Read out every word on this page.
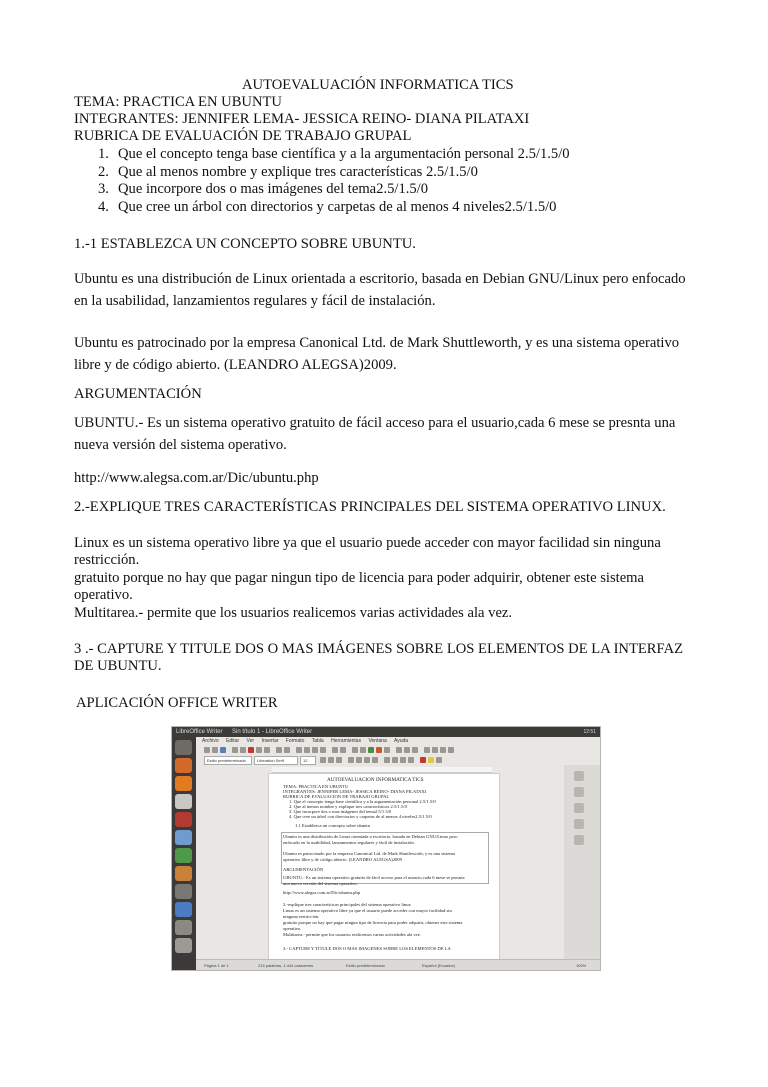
AUTOEVALUACIÓN INFORMATICA TICS
TEMA: PRACTICA EN UBUNTU
INTEGRANTES: JENNIFER LEMA- JESSICA REINO- DIANA PILATAXI
RUBRICA DE EVALUACIÓN DE TRABAJO GRUPAL
1. Que el concepto tenga base científica y a la argumentación personal 2.5/1.5/0
2. Que al menos nombre y explique tres características 2.5/1.5/0
3. Que incorpore dos o mas imágenes del tema2.5/1.5/0
4. Que cree un árbol con directorios y carpetas de al menos 4 niveles2.5/1.5/0
1.-1 ESTABLEZCA UN CONCEPTO SOBRE UBUNTU.
Ubuntu es una distribución de Linux orientada a escritorio, basada en Debian GNU/Linux pero enfocado en la usabilidad, lanzamientos regulares y fácil de instalación.
Ubuntu es patrocinado por la empresa Canonical Ltd. de Mark Shuttleworth, y es una sistema operativo libre y de código abierto. (LEANDRO ALEGSA)2009.
ARGUMENTACIÓN
UBUNTU.- Es un sistema operativo gratuito de fácil acceso para el usuario,cada 6 mese se presnta una nueva versión del sistema operativo.
http://www.alegsa.com.ar/Dic/ubuntu.php
2.-EXPLIQUE TRES CARACTERÍSTICAS PRINCIPALES DEL SISTEMA OPERATIVO LINUX.
Linux es un sistema operativo libre ya que el usuario puede acceder con mayor facilidad sin ninguna restricción.
gratuito porque no hay que pagar ningun tipo de licencia para poder adquirir, obtener este sistema operativo.
Multitarea.- permite que los usuarios realicemos varias actividades ala vez.
3 .- CAPTURE Y TITULE DOS O MAS IMÁGENES SOBRE LOS ELEMENTOS DE LA INTERFAZ DE UBUNTU.
APLICACIÓN OFFICE WRITER
LibreOffice Writer Sin título 1 - LibreOffice Writer	12:51
Archivo Editar Ver Insertar Formato Tabla Herramientas Ventana Ayuda
Estilo predeterminado	Liberation Serif	12
AUTOEVALUACION INFORMATICA TICS
TEMA: PRACTICA EN UBUNTU
INTEGRANTES: JENNIFER LEMA- JESSICA REINO- DIANA PILATAXI
RUBRICA DE EVALUACION DE TRABAJO GRUPAL
1. Que el concepto tenga base científica y a la argumentación personal 2.5/1.5/0
2. Que al menos nombre y explique tres características 2.5/1.5/0
3. Que incorpore dos o mas imágenes del tema2.5/1.5/0
4. Que cree un árbol con directorios y carpetas de al menos 4 niveles2.5/1.5/0
1.1 Establezca un concepto sobre ubuntu
Ubuntu es una distribución de Linux orientada a escritorio, basada en Debian GNU/Linux pero
enfocado en la usabilidad, lanzamientos regulares y fácil de instalación.
Ubuntu es patrocinado por la empresa Canonical Ltd. de Mark Shuttleworth, y es una sistema
operativo libre y de código abierto. (LEANDRO ALEGSA)2009
ARGUMENTACIÓN
UBUNTU.- Es un sistema operativo gratuito de fácil acceso para el usuario,cada 6 mese se presnta
una nueva versión del sistema operativo.
http://www.alegsa.com.ar/Dic/ubuntu.php
2.-explique tres características principales del sistema operativo linux
Linux es un sistema operativo libre ya que el usuario puede acceder con mayor facilidad sin
ninguna restricción.
gratuito porque no hay que pagar ningun tipo de licencia para poder adquirir, obtener este sistema
operativo.
Multitarea.- permite que los usuarios realicemos varias actividades ala vez.
3.- CAPTURE Y TITULE DOS O MAS IMAGENES SOBRE LOS ELEMENTOS DE LA
Página 1 de 1	215 palabras, 1.444 caracteres	Estilo predeterminado	Español (Ecuador)	100%
